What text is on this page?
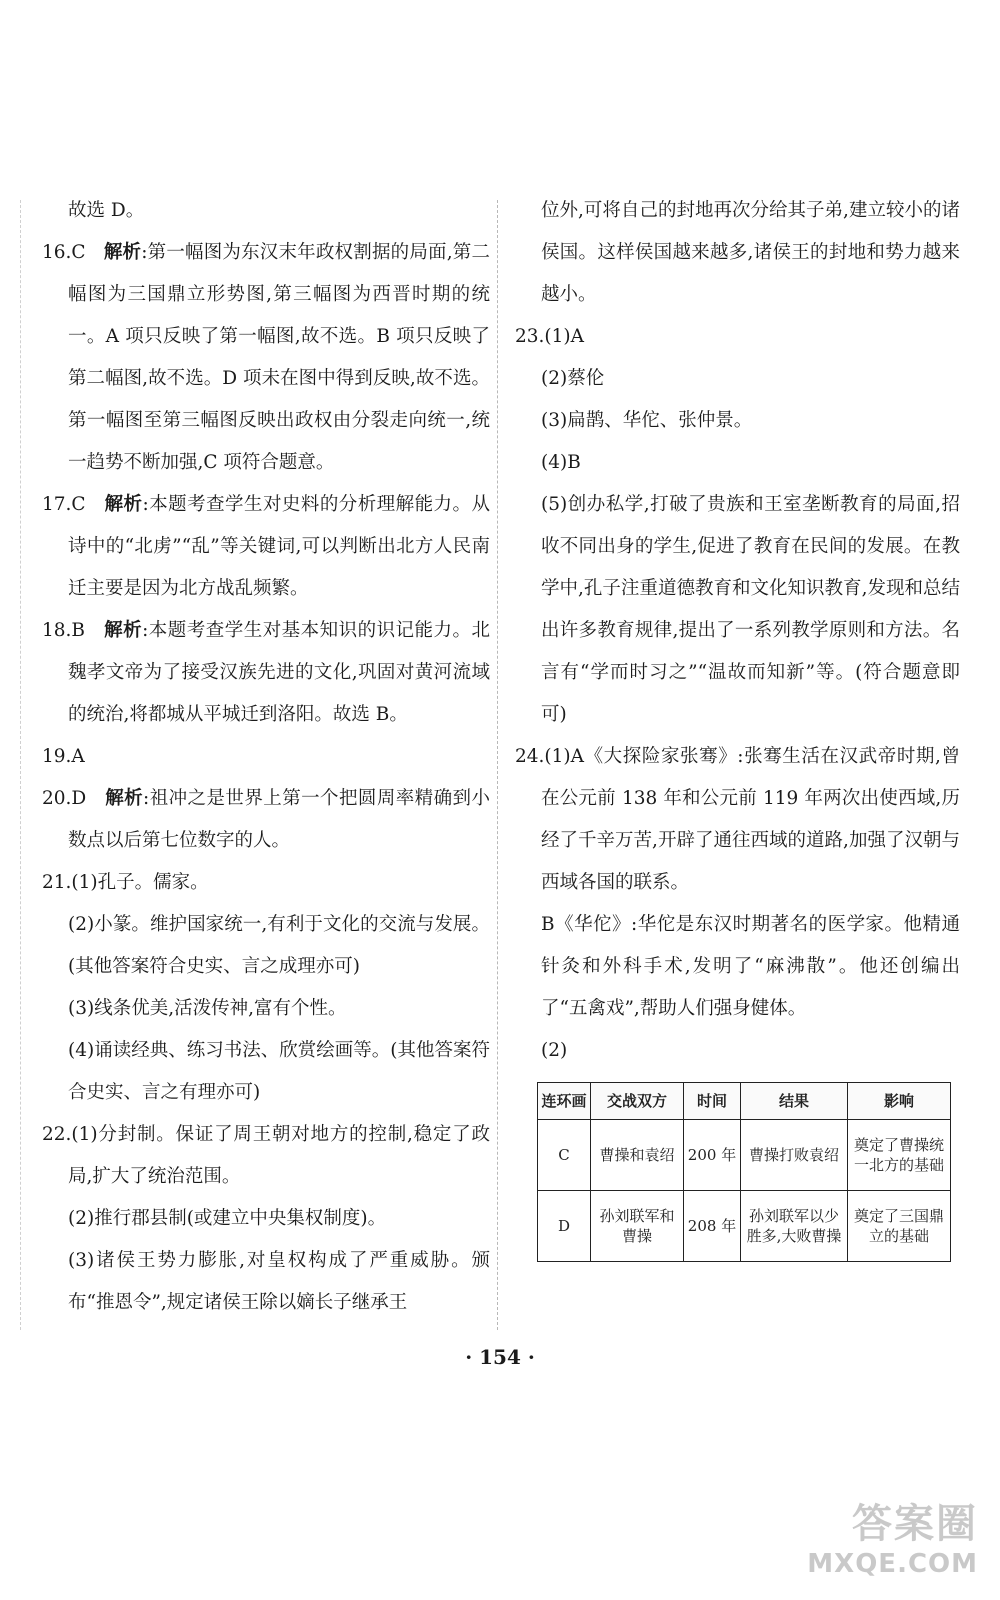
故选 D。
16.C 解析:第一幅图为东汉末年政权割据的局面,第二幅图为三国鼎立形势图,第三幅图为西晋时期的统一。A 项只反映了第一幅图,故不选。B 项只反映了第二幅图,故不选。D 项未在图中得到反映,故不选。第一幅图至第三幅图反映出政权由分裂走向统一,统一趋势不断加强,C 项符合题意。
17.C 解析:本题考查学生对史料的分析理解能力。从诗中的“北虏”“乱”等关键词,可以判断出北方人民南迁主要是因为北方战乱频繁。
18.B 解析:本题考查学生对基本知识的识记能力。北魏孝文帝为了接受汉族先进的文化,巩固对黄河流域的统治,将都城从平城迁到洛阳。故选 B。
19.A
20.D 解析:祖冲之是世界上第一个把圆周率精确到小数点以后第七位数字的人。
21.(1)孔子。儒家。
(2)小篆。维护国家统一,有利于文化的交流与发展。(其他答案符合史实、言之成理亦可)
(3)线条优美,活泼传神,富有个性。
(4)诵读经典、练习书法、欣赏绘画等。(其他答案符合史实、言之有理亦可)
22.(1)分封制。保证了周王朝对地方的控制,稳定了政局,扩大了统治范围。
(2)推行郡县制(或建立中央集权制度)。
(3)诸侯王势力膨胀,对皇权构成了严重威胁。颁布“推恩令”,规定诸侯王除以嫡长子继承王
位外,可将自己的封地再次分给其子弟,建立较小的诸侯国。这样侯国越来越多,诸侯王的封地和势力越来越小。
23.(1)A
(2)蔡伦
(3)扁鹊、华佗、张仲景。
(4)B
(5)创办私学,打破了贵族和王室垄断教育的局面,招收不同出身的学生,促进了教育在民间的发展。在教学中,孔子注重道德教育和文化知识教育,发现和总结出许多教育规律,提出了一系列教学原则和方法。名言有“学而时习之”“温故而知新”等。(符合题意即可)
24.(1)A《大探险家张骞》:张骞生活在汉武帝时期,曾在公元前 138 年和公元前 119 年两次出使西域,历经了千辛万苦,开辟了通往西域的道路,加强了汉朝与西域各国的联系。
B《华佗》:华佗是东汉时期著名的医学家。他精通针灸和外科手术,发明了“麻沸散”。他还创编出了“五禽戏”,帮助人们强身健体。
(2)
连环画	交战双方	时间	结果	影响
C	曹操和袁绍	200 年	曹操打败袁绍	奠定了曹操统一北方的基础
D	孙刘联军和曹操	208 年	孙刘联军以少胜多,大败曹操	奠定了三国鼎立的基础
· 154 ·
答案圈
MXQE.COM
